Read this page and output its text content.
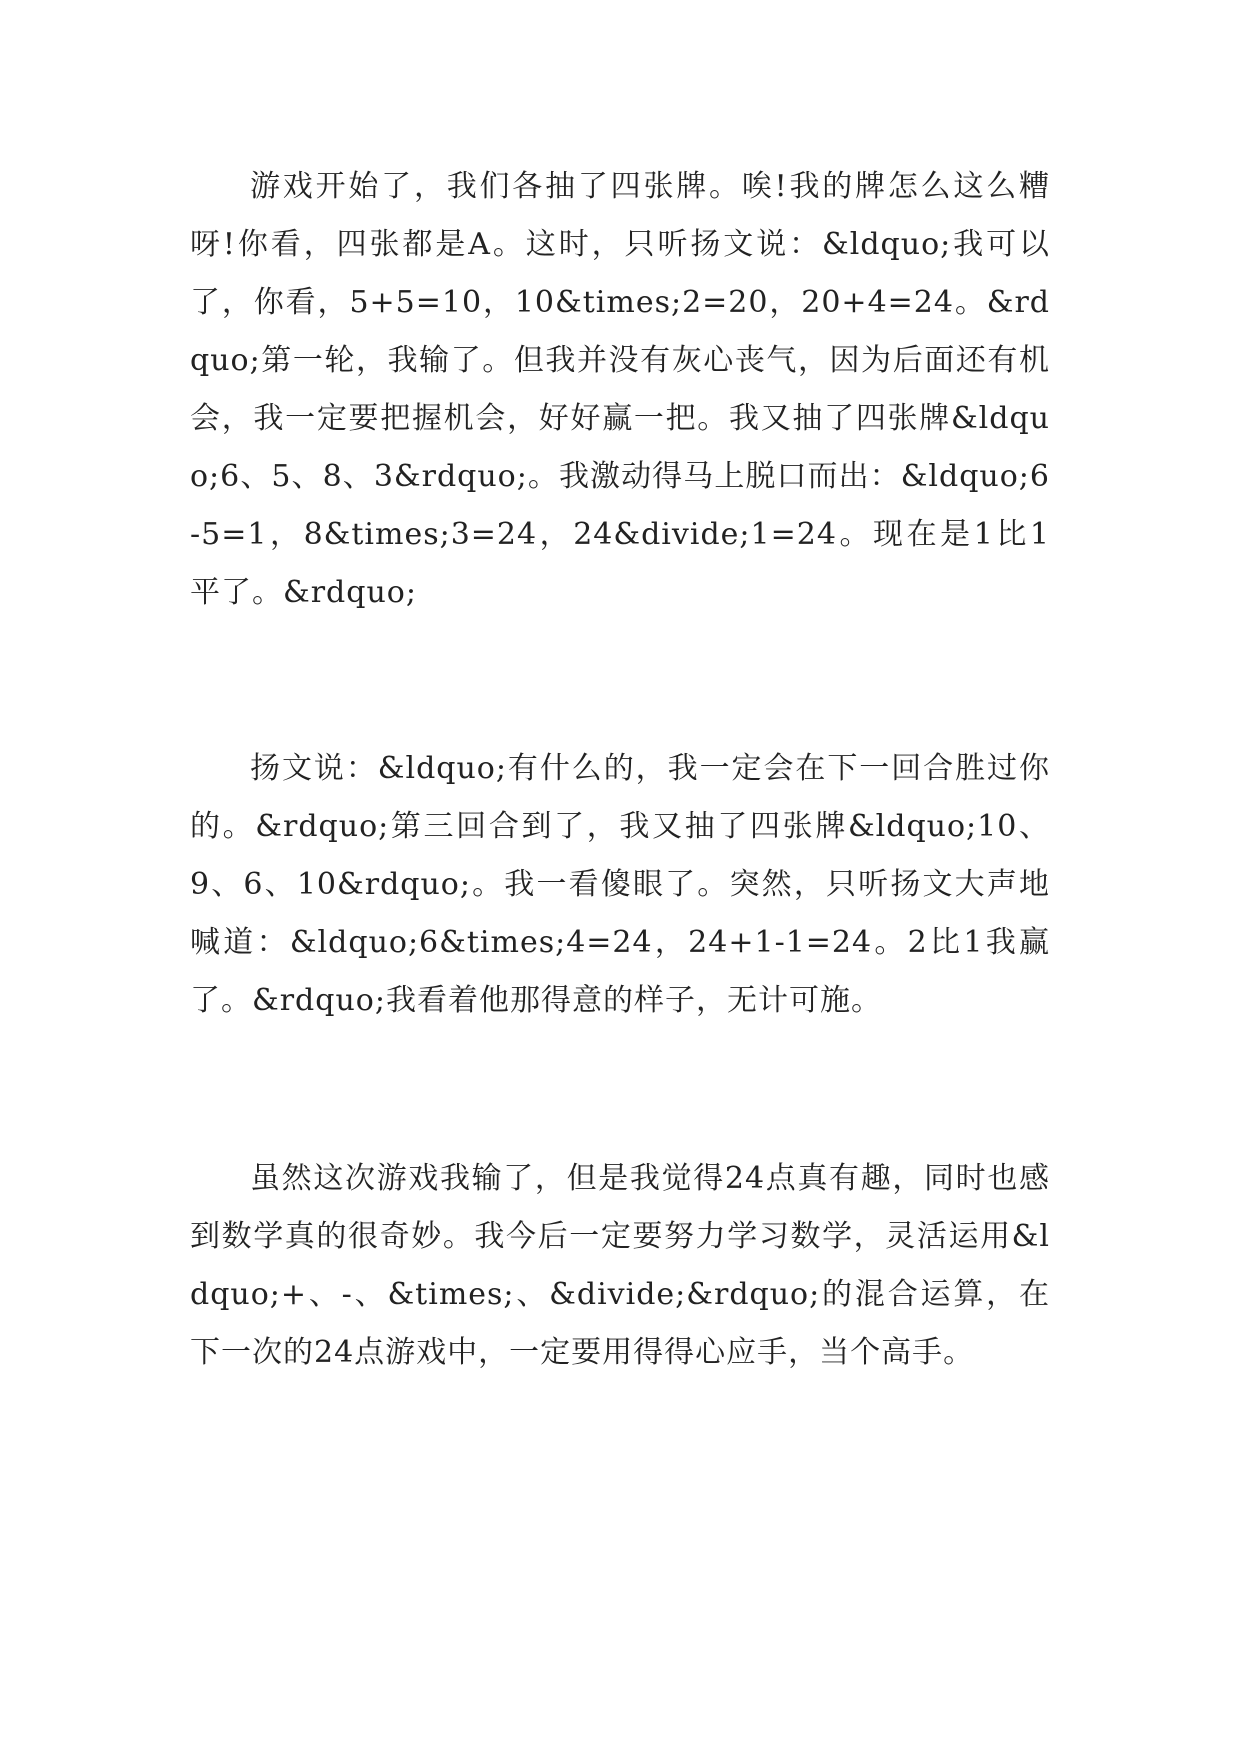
游戏开始了，我们各抽了四张牌。唉!我的牌怎么这么糟呀!你看，四张都是A。这时，只听扬文说：&ldquo;我可以了，你看，5+5=10，10&times;2=20，20+4=24。&rdquo;第一轮，我输了。但我并没有灰心丧气，因为后面还有机会，我一定要把握机会，好好赢一把。我又抽了四张牌&ldquo;6、5、8、3&rdquo;。我激动得马上脱口而出：&ldquo;6-5=1，8&times;3=24，24&divide;1=24。现在是1比1平了。&rdquo;

扬文说：&ldquo;有什么的，我一定会在下一回合胜过你的。&rdquo;第三回合到了，我又抽了四张牌&ldquo;10、9、6、10&rdquo;。我一看傻眼了。突然，只听扬文大声地喊道：&ldquo;6&times;4=24，24+1-1=24。2比1我赢了。&rdquo;我看着他那得意的样子，无计可施。

虽然这次游戏我输了，但是我觉得24点真有趣，同时也感到数学真的很奇妙。我今后一定要努力学习数学，灵活运用&ldquo;+、-、&times;、&divide;&rdquo;的混合运算，在下一次的24点游戏中，一定要用得得心应手，当个高手。
